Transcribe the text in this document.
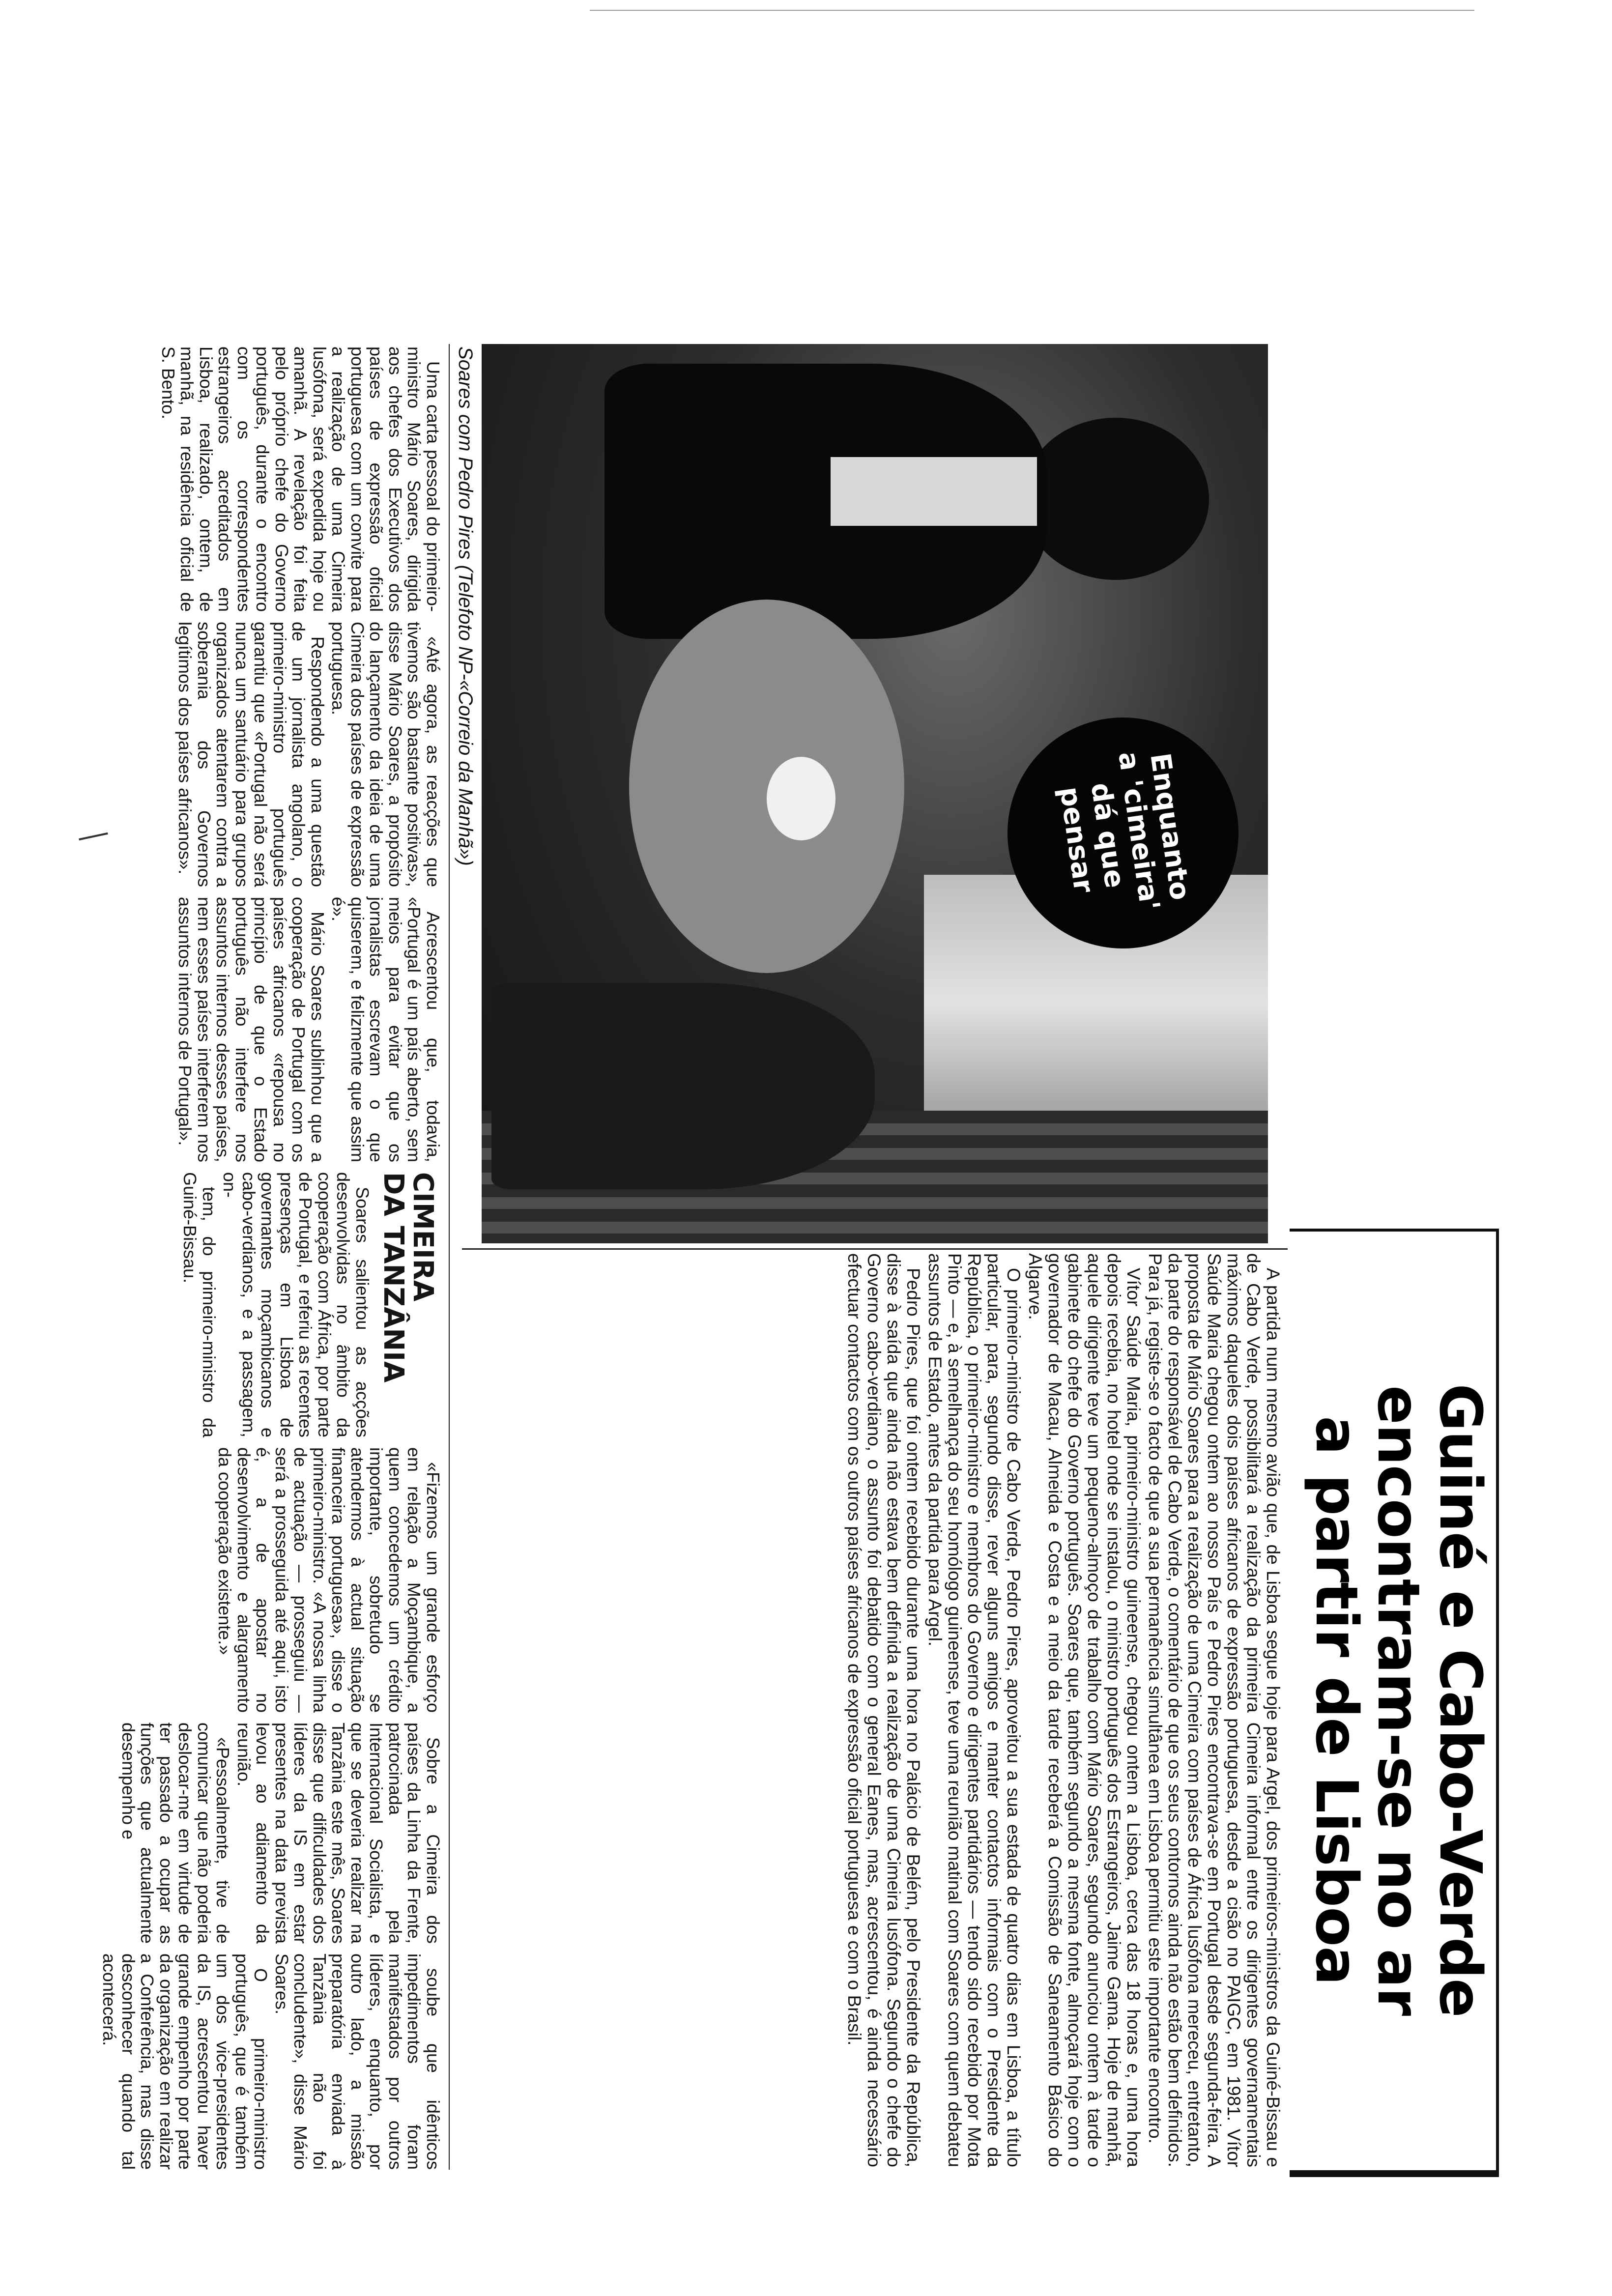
Guiné e Cabo-Verde
encontram-se no ar
a partir de Lisboa
Soares com Pedro Pires (Telefoto NP-«Correio da Manhã»)	Enquanto
a 'cimeira'
dá que
pensar

Uma carta pessoal do primeiro-ministro Mário Soares, dirigida aos chefes dos Executivos dos países de expressão oficial portuguesa com um convite para a realização de uma Cimeira lusófona, será expedida hoje ou amanhã. A revelação foi feita pelo próprio chefe do Governo português, durante o encontro com os correspondentes estrangeiros acreditados em Lisboa, realizado, ontem, de manhã, na residência oficial de S. Bento.

«Até agora, as reacções que tivemos são bastante positivas», disse Mário Soares, a propósito do lançamento da ideia de uma Cimeira dos países de expressão portuguesa.

Respondendo a uma questão de um jornalista angolano, o primeiro-ministro português garantiu que «Portugal não será nunca um santuário para grupos organizados atentarem contra a soberania dos Governos legítimos dos países africanos».

Acrescentou que, todavia, «Portugal é um país aberto, sem meios para evitar que os jornalistas escrevam o que quiserem, e felizmente que assim é».

Mário Soares sublinhou que a cooperação de Portugal com os países africanos «repousa no princípio de que o Estado português não interfere nos assuntos internos desses países, nem esses países interferem nos assuntos internos de Portugal».

CIMEIRA
DA TANZÂNIA

Soares salientou as acções desenvolvidas no âmbito da cooperação com África, por parte de Portugal, e referiu as recentes presenças em Lisboa de governantes moçambicanos e cabo-verdianos, e a passagem, on-

tem, do primeiro-ministro da Guiné-Bissau.

«Fizemos um grande esforço em relação a Moçambique, a quem concedemos um crédito importante, sobretudo se atendermos à actual situação financeira portuguesa», disse o primeiro-ministro. «A nossa linha de actuação — prosseguiu — será a prosseguida até aqui, isto é, a de apostar no desenvolvimento e alargamento da cooperação existente.»

Sobre a Cimeira dos países da Linha da Frente, patrocinada pela Internacional Socialista, e que se deveria realizar na Tanzânia este mês, Soares disse que dificuldades dos líderes da IS em estar presentes na data prevista levou ao adiamento da reunião.

«Pessoalmente, tive de comunicar que não poderia deslocar-me em virtude de ter passado a ocupar as funções que actualmente desempenho e

soube que idênticos impedimentos foram manifestados por outros líderes, enquanto, por outro lado, a missão preparatória enviada à Tanzânia não foi concludente», disse Mário Soares.

O primeiro-ministro português, que é também um dos vice-presidentes da IS, acrescentou haver grande empenho por parte da organização em realizar a Conferência, mas disse desconhecer quando tal acontecerá.	A partida num mesmo avião que, de Lisboa segue hoje para Argel, dos primeiros-ministros da Guiné-Bissau e de Cabo Verde, possibilitará a realização da primeira Cimeira informal entre os dirigentes governamentais máximos daqueles dois países africanos de expressão portuguesa, desde a cisão no PAIGC, em 1981. Vítor Saúde Maria chegou ontem ao nosso País e Pedro Pires encontrava-se em Portugal desde segunda-feira. A proposta de Mário Soares para a realização de uma Cimeira com países de África lusófona mereceu, entretanto, da parte do responsável de Cabo Verde, o comentário de que os seus contornos ainda não estão bem definidos. Para já, registe-se o facto de que a sua permanência simultânea em Lisboa permitiu este importante encontro.

Vítor Saúde Maria, primeiro-ministro guineense, chegou ontem a Lisboa, cerca das 18 horas e, uma hora depois recebia, no hotel onde se instalou, o ministro português dos Estrangeiros, Jaime Gama. Hoje de manhã, aquele dirigente teve um pequeno-almoço de trabalho com Mário Soares, segundo anunciou ontem à tarde o gabinete do chefe do Governo português. Soares que, também segundo a mesma fonte, almoçará hoje com o governador de Macau, Almeida e Costa e a meio da tarde receberá a Comissão de Saneamento Básico do Algarve.

O primeiro-ministro de Cabo Verde, Pedro Pires, aproveitou a sua estada de quatro dias em Lisboa, a título particular, para, segundo disse, rever alguns amigos e manter contactos informais com o Presidente da República, o primeiro-ministro e membros do Governo e dirigentes partidários — tendo sido recebido por Mota Pinto — e, à semelhança do seu homólogo guineense, teve uma reunião matinal com Soares com quem debateu assuntos de Estado, antes da partida para Argel.

Pedro Pires, que foi ontem recebido durante uma hora no Palácio de Belém, pelo Presidente da República, disse à saída que ainda não estava bem definida a realização de uma Cimeira lusófona. Segundo o chefe do Governo cabo-verdiano, o assunto foi debatido com o general Eanes, mas, acrescentou, é ainda necessário efectuar contactos com os outros países africanos de expressão oficial portuguesa e com o Brasil.
